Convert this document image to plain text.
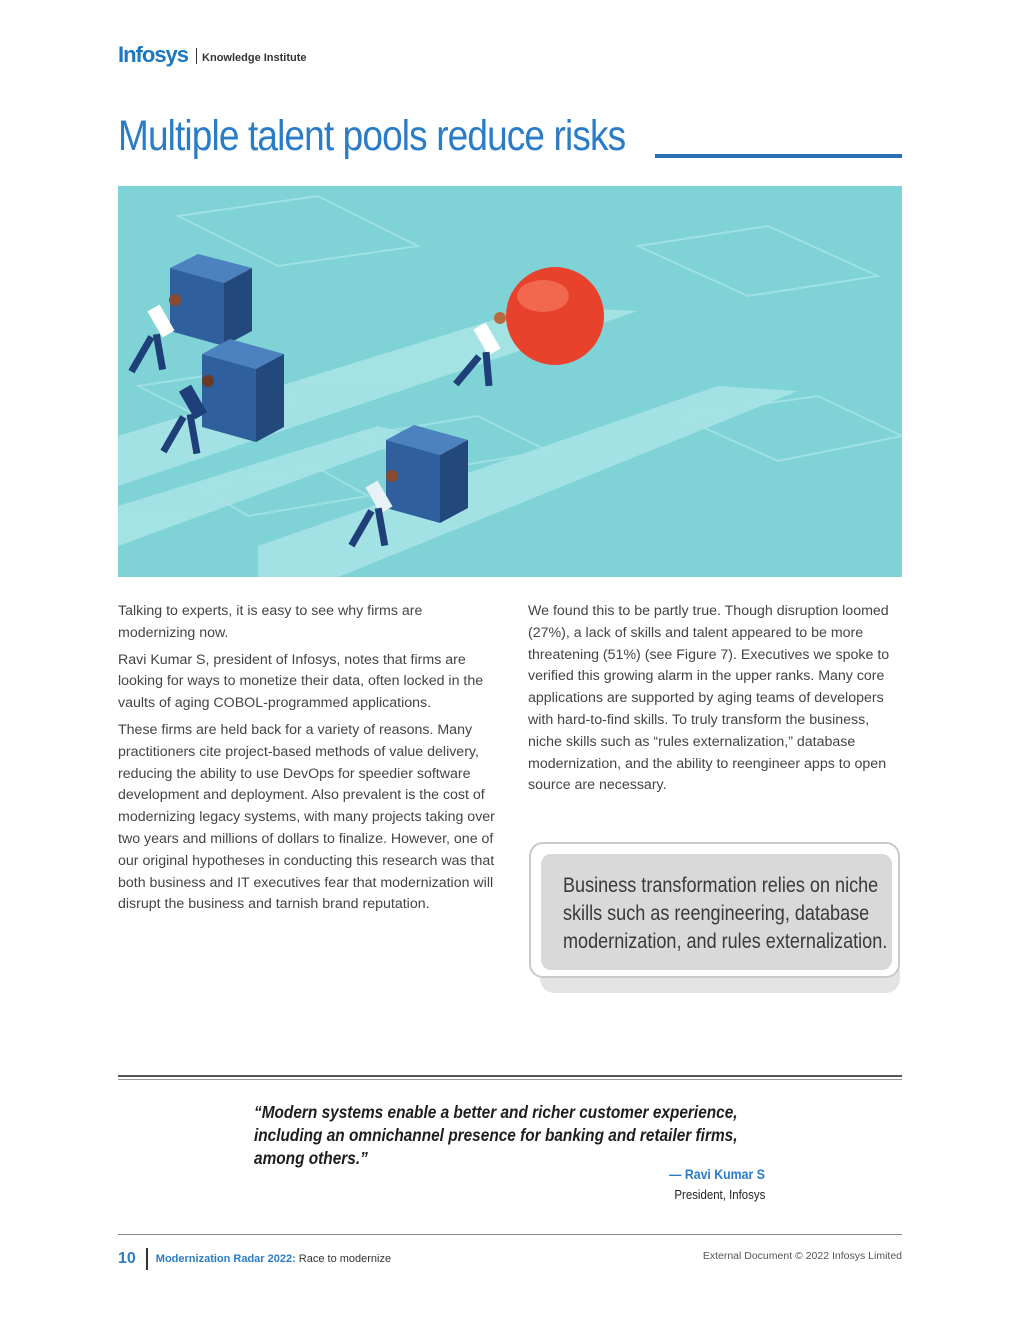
Infosys Knowledge Institute
Multiple talent pools reduce risks

Talking to experts, it is easy to see why firms are modernizing now.

Ravi Kumar S, president of Infosys, notes that firms are looking for ways to monetize their data, often locked in the vaults of aging COBOL-programmed applications.

These firms are held back for a variety of reasons. Many practitioners cite project-based methods of value delivery, reducing the ability to use DevOps for speedier software development and deployment. Also prevalent is the cost of modernizing legacy systems, with many projects taking over two years and millions of dollars to finalize. However, one of our original hypotheses in conducting this research was that both business and IT executives fear that modernization will disrupt the business and tarnish brand reputation.

We found this to be partly true. Though disruption loomed (27%), a lack of skills and talent appeared to be more threatening (51%) (see Figure 7). Executives we spoke to verified this growing alarm in the upper ranks. Many core applications are supported by aging teams of developers with hard-to-find skills. To truly transform the business, niche skills such as “rules externalization,” database modernization, and the ability to reengineer apps to open source are necessary.

Business transformation relies on niche skills such as reengineering, database modernization, and rules externalization.
“Modern systems enable a better and richer customer experience, including an omnichannel presence for banking and retailer firms, among others.”
— Ravi Kumar S
President, Infosys
10 Modernization Radar 2022: Race to modernize	External Document © 2022 Infosys Limited
